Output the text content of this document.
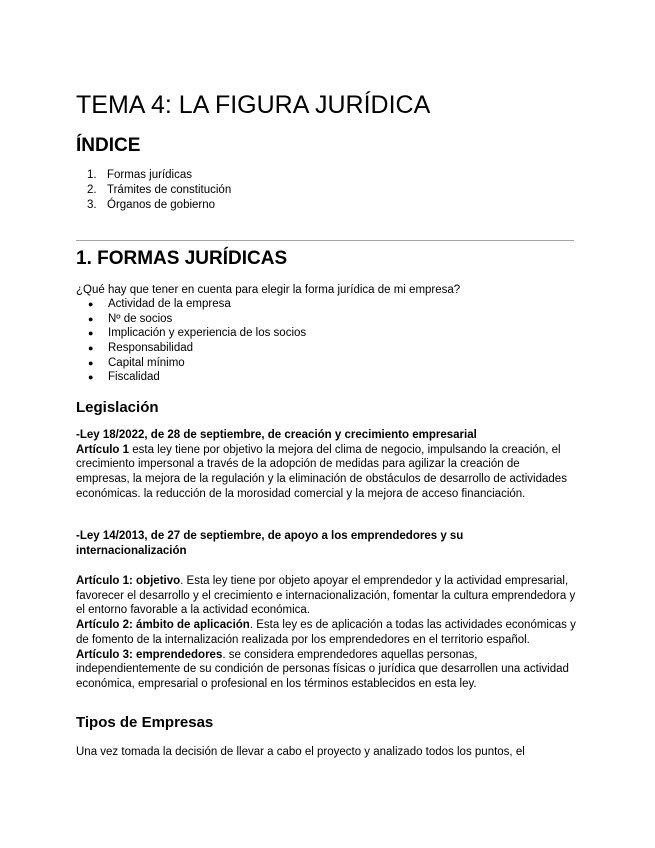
TEMA 4: LA FIGURA JURÍDICA
ÍNDICE
1. Formas jurídicas
2. Trámites de constitución
3. Órganos de gobierno
1. FORMAS JURÍDICAS
¿Qué hay que tener en cuenta para elegir la forma jurídica de mi empresa?
●	Actividad de la empresa
●	Nº de socios
●	Implicación y experiencia de los socios
●	Responsabilidad
●	Capital mínimo
●	Fiscalidad
Legislación
-Ley 18/2022, de 28 de septiembre, de creación y crecimiento empresarial
Artículo 1 esta ley tiene por objetivo la mejora del clima de negocio, impulsando la creación, el crecimiento impersonal a través de la adopción de medidas para agilizar la creación de empresas, la mejora de la regulación y la eliminación de obstáculos de desarrollo de actividades económicas. la reducción de la morosidad comercial y la mejora de acceso financiación.
-Ley 14/2013, de 27 de septiembre, de apoyo a los emprendedores y su internacionalización
Artículo 1: objetivo. Esta ley tiene por objeto apoyar el emprendedor y la actividad empresarial, favorecer el desarrollo y el crecimiento e internacionalización, fomentar la cultura emprendedora y el entorno favorable a la actividad económica.
Artículo 2: ámbito de aplicación. Esta ley es de aplicación a todas las actividades económicas y de fomento de la internalización realizada por los emprendedores en el territorio español.
Artículo 3: emprendedores. se considera emprendedores aquellas personas, independientemente de su condición de personas físicas o jurídica que desarrollen una actividad económica, empresarial o profesional en los términos establecidos en esta ley.
Tipos de Empresas
Una vez tomada la decisión de llevar a cabo el proyecto y analizado todos los puntos, el
